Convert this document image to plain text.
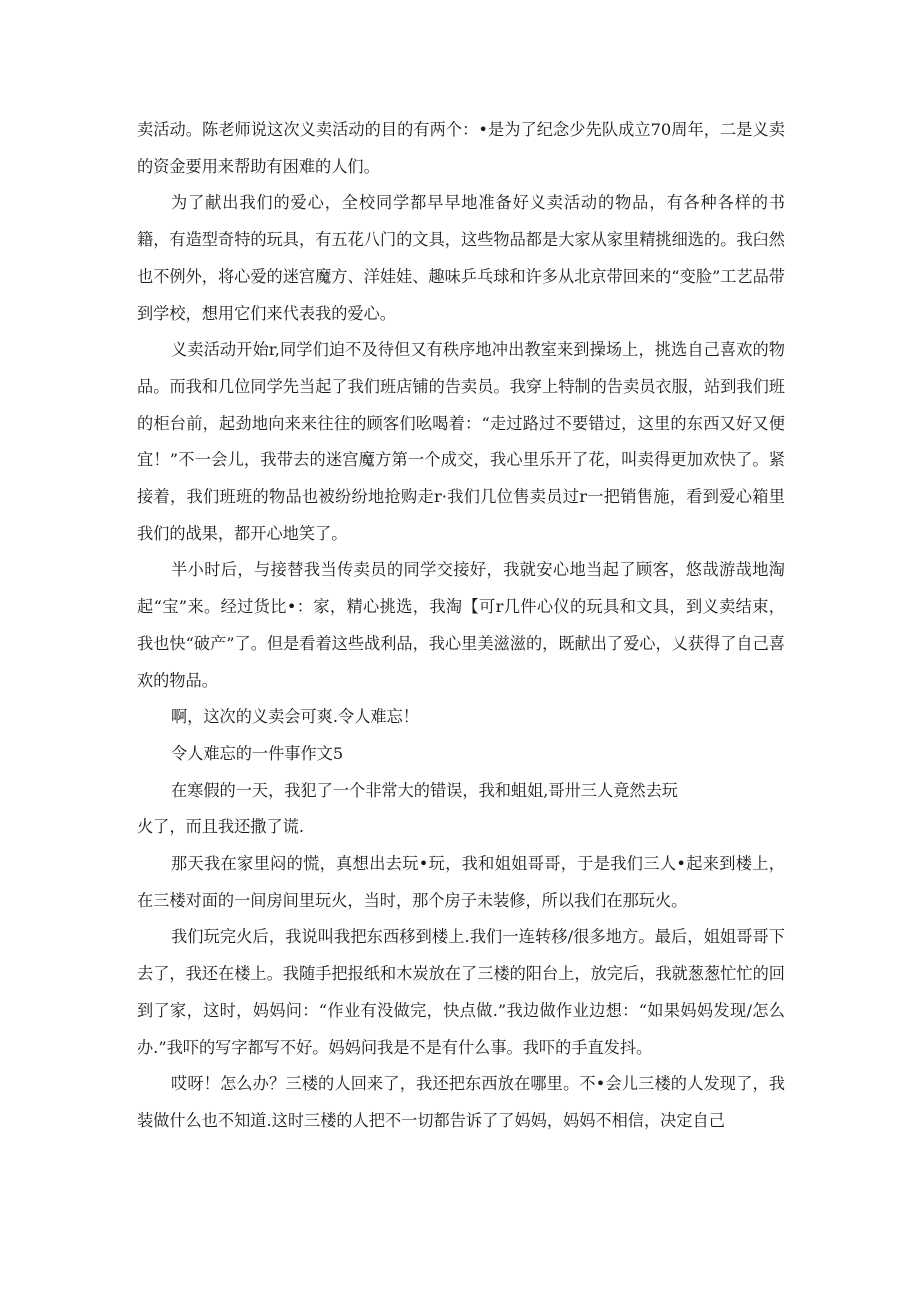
卖活动。陈老师说这次义卖活动的目的有两个：•是为了纪念少先队成立70周年，二是义卖的资金要用来帮助有困难的人们。

为了献出我们的爱心，全校同学都早早地准备好义卖活动的物品，有各种各样的书籍，有造型奇特的玩具，有五花八门的文具，这些物品都是大家从家里精挑细选的。我臼然也不例外，将心爱的迷宫魔方、洋娃娃、趣味乒乓球和许多从北京带回来的“变脸”工艺品带到学校，想用它们来代表我的爱心。

义卖活动开始r,同学们迫不及待但又有秩序地冲出教室来到操场上，挑选自己喜欢的物品。而我和几位同学先当起了我们班店铺的告卖员。我穿上特制的告卖员衣服，站到我们班的柜台前，起劲地向来来往往的顾客们吆喝着：“走过路过不要错过，这里的东西又好又便宜！”不一会儿，我带去的迷宫魔方第一个成交，我心里乐开了花，叫卖得更加欢快了。紧接着，我们班班的物品也被纷纷地抢购走r·我们几位售卖员过r一把销售施，看到爱心箱里我们的战果，都开心地笑了。

半小时后，与接替我当传卖员的同学交接好，我就安心地当起了顾客，悠哉游哉地淘起“宝”来。经过货比•：家，精心挑选，我淘【可r几件心仪的玩具和文具，到义卖结束，我也快“破产”了。但是看着这些战利品，我心里美滋滋的，既献出了爱心，乂获得了自己喜欢的物品。

啊，这次的义卖会可爽.令人难忘！

令人难忘的一件事作文5

在寒假的一天，我犯了一个非常大的错误，我和蛆姐,哥卅三人竟然去玩

火了，而且我还撒了谎.

那天我在家里闷的慌，真想出去玩•玩，我和姐姐哥哥，于是我们三人•起来到楼上，在三楼对面的一间房间里玩火，当时，那个房子未装修，所以我们在那玩火。

我们玩完火后，我说叫我把东西移到楼上.我们一连转移/很多地方。最后，姐姐哥哥下去了，我还在楼上。我随手把报纸和木炭放在了三楼的阳台上，放完后，我就葱葱忙忙的回到了家，这时，妈妈问：“作业有没做完，快点做.”我边做作业边想：“如果妈妈发现/怎么办.”我吓的写字都写不好。妈妈问我是不是有什么事。我吓的手直发抖。

哎呀！怎么办？三楼的人回来了，我还把东西放在哪里。不•会儿三楼的人发现了，我装做什么也不知道.这时三楼的人把不一切都告诉了了妈妈，妈妈不相信，决定自己
